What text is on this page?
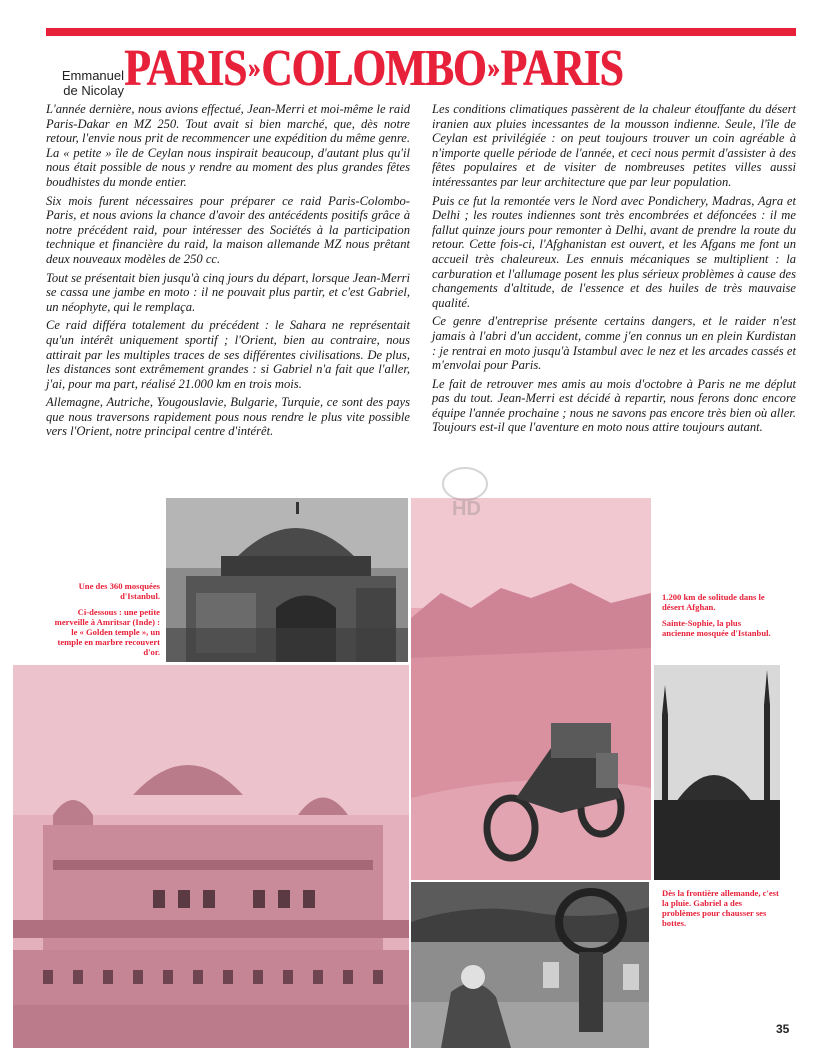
Emmanuel de Nicolay PARIS » COLOMBO » PARIS

L'année dernière, nous avions effectué, Jean-Merri et moi-même le raid Paris-Dakar en MZ 250. Tout avait si bien marché, que, dès notre retour, l'envie nous prit de recommencer une expédition du même genre. La « petite » île de Ceylan nous inspirait beaucoup, d'autant plus qu'il nous était possible de nous y rendre au moment des plus grandes fêtes boudhistes du monde entier.

Six mois furent nécessaires pour préparer ce raid Paris-Colombo-Paris, et nous avions la chance d'avoir des antécédents positifs grâce à notre précédent raid, pour intéresser des Sociétés à la participation technique et financière du raid, la maison allemande MZ nous prêtant deux nouveaux modèles de 250 cc.

Tout se présentait bien jusqu'à cinq jours du départ, lorsque Jean-Merri se cassa une jambe en moto : il ne pouvait plus partir, et c'est Gabriel, un néophyte, qui le remplaça.

Ce raid différa totalement du précédent : le Sahara ne représentait qu'un intérêt uniquement sportif ; l'Orient, bien au contraire, nous attirait par les multiples traces de ses différentes civilisations. De plus, les distances sont extrêmement grandes : si Gabriel n'a fait que l'aller, j'ai, pour ma part, réalisé 21.000 km en trois mois.

Allemagne, Autriche, Yougouslavie, Bulgarie, Turquie, ce sont des pays que nous traversons rapidement pous nous rendre le plus vite possible vers l'Orient, notre principal centre d'intérêt.

Les conditions climatiques passèrent de la chaleur étouffante du désert iranien aux pluies incessantes de la mousson indienne. Seule, l'île de Ceylan est privilégiée : on peut toujours trouver un coin agréable à n'importe quelle période de l'année, et ceci nous permit d'assister à des fêtes populaires et de visiter de nombreuses petites villes aussi intéressantes par leur architecture que par leur population.

Puis ce fut la remontée vers le Nord avec Pondichery, Madras, Agra et Delhi ; les routes indiennes sont très encombrées et défoncées : il me fallut quinze jours pour remonter à Delhi, avant de prendre la route du retour. Cette fois-ci, l'Afghanistan est ouvert, et les Afgans me font un accueil très chaleureux. Les ennuis mécaniques se multiplient : la carburation et l'allumage posent les plus sérieux problèmes à cause des changements d'altitude, de l'essence et des huiles de très mauvaise qualité.

Ce genre d'entreprise présente certains dangers, et le raider n'est jamais à l'abri d'un accident, comme j'en connus un en plein Kurdistan : je rentrai en moto jusqu'à Istambul avec le nez et les arcades cassés et m'envolai pour Paris.

Le fait de retrouver mes amis au mois d'octobre à Paris ne me déplut pas du tout. Jean-Merri est décidé à repartir, nous ferons donc encore équipe l'année prochaine ; nous ne savons pas encore très bien où aller. Toujours est-il que l'aventure en moto nous attire toujours autant.

Une des 360 mosquées d'Istanbul.

Ci-dessous : une petite merveille à Amritsar (Inde) : le « Golden temple », un temple en marbre recouvert d'or.

1.200 km de solitude dans le désert Afghan.

Sainte-Sophie, la plus ancienne mosquée d'Istanbul.

Dès la frontière allemande, c'est la pluie. Gabriel a des problèmes pour chausser ses bottes.

HD
35
